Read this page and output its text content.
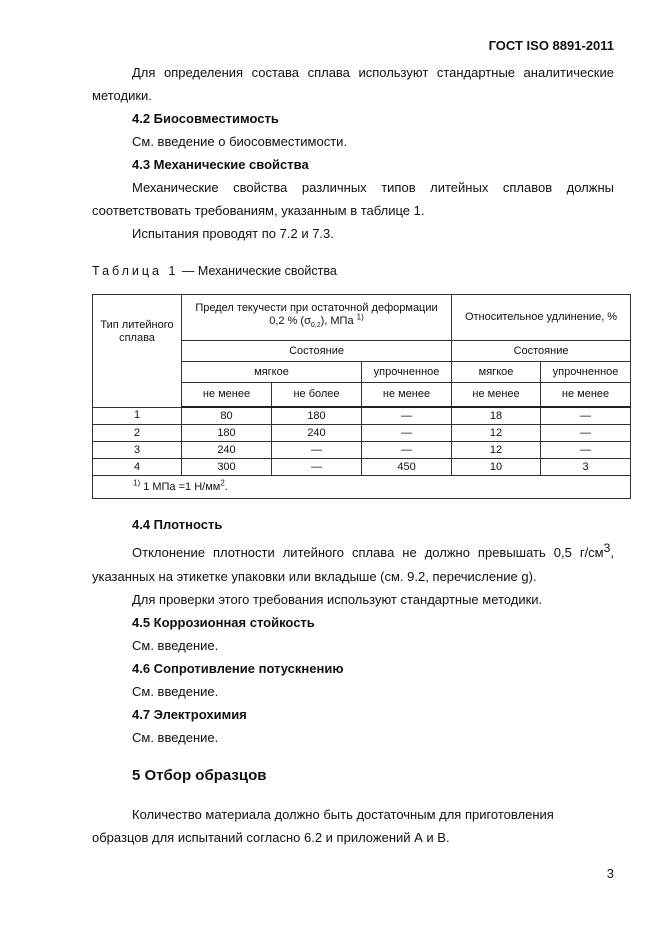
ГОСТ ISO 8891-2011
Для определения состава сплава используют стандартные аналитические
методики.
4.2 Биосовместимость
См. введение о биосовместимости.
4.3 Механические свойства
Механические свойства различных типов литейных сплавов должны
соответствовать требованиям, указанным в таблице 1.
Испытания проводят по 7.2 и 7.3.
Таблица 1 — Механические свойства
Тип литейного сплава	Предел текучести при остаточной деформации
0,2 % $(\sigma_{0,2})$, МПа $^{1)}$			Относительное удлинение, %	
	Состояние			Состояние	
	мягкое		упрочненное	мягкое	упрочненное
	не менее	не более	не менее	не менее	не менее
1	80	180	—	18	—
2	180	240	—	12	—
3	240	—	—	12	—
4	300	—	450	10	3
$^{1)}$ 1 МПа =1 $Н/мм^2$.					
4.4 Плотность
Отклонение плотности литейного сплава не должно превышать 0,5 г/см3,
указанных на этикетке упаковки или вкладыше (см. 9.2, перечисление g).
Для проверки этого требования используют стандартные методики.
4.5 Коррозионная стойкость
См. введение.
4.6 Сопротивление потускнению
См. введение.
4.7 Электрохимия
См. введение.
5 Отбор образцов
Количество материала должно быть достаточным для приготовления
образцов для испытаний согласно 6.2 и приложений А и В.
3
